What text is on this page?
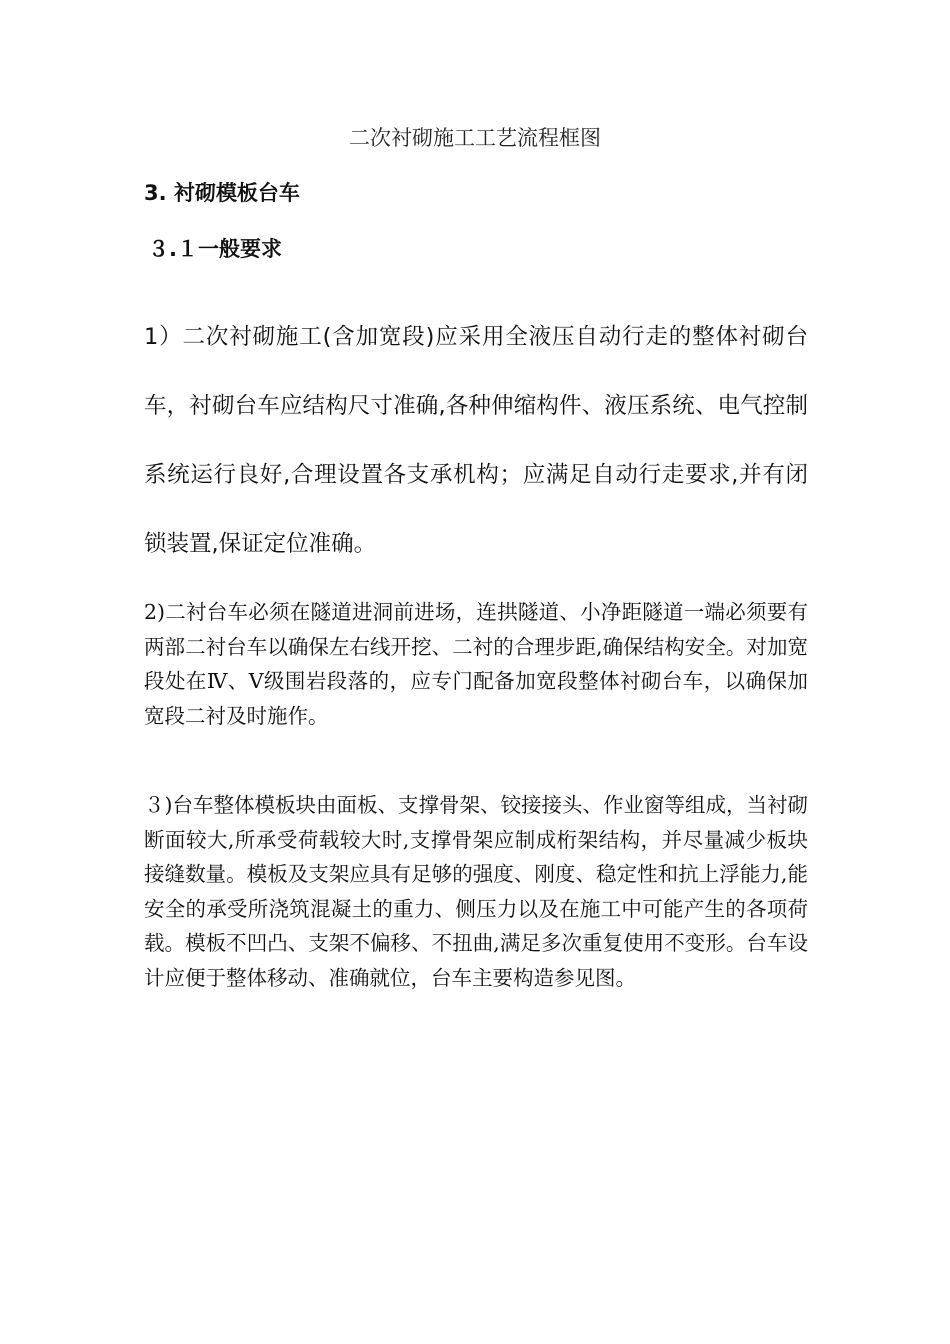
二次衬砌施工工艺流程框图
3. 衬砌模板台车
３.１一般要求

1）二次衬砌施工(含加宽段)应采用全液压自动行走的整体衬砌台车，衬砌台车应结构尺寸准确,各种伸缩构件、液压系统、电气控制系统运行良好,合理设置各支承机构；应满足自动行走要求,并有闭锁装置,保证定位准确。

2)二衬台车必须在隧道进洞前进场，连拱隧道、小净距隧道一端必须要有两部二衬台车以确保左右线开挖、二衬的合理步距,确保结构安全。对加宽段处在Ⅳ、Ⅴ级围岩段落的，应专门配备加宽段整体衬砌台车，以确保加宽段二衬及时施作。

３)台车整体模板块由面板、支撑骨架、铰接接头、作业窗等组成，当衬砌断面较大,所承受荷载较大时,支撑骨架应制成桁架结构，并尽量减少板块接缝数量。模板及支架应具有足够的强度、刚度、稳定性和抗上浮能力,能安全的承受所浇筑混凝土的重力、侧压力以及在施工中可能产生的各项荷载。模板不凹凸、支架不偏移、不扭曲,满足多次重复使用不变形。台车设计应便于整体移动、准确就位，台车主要构造参见图。
